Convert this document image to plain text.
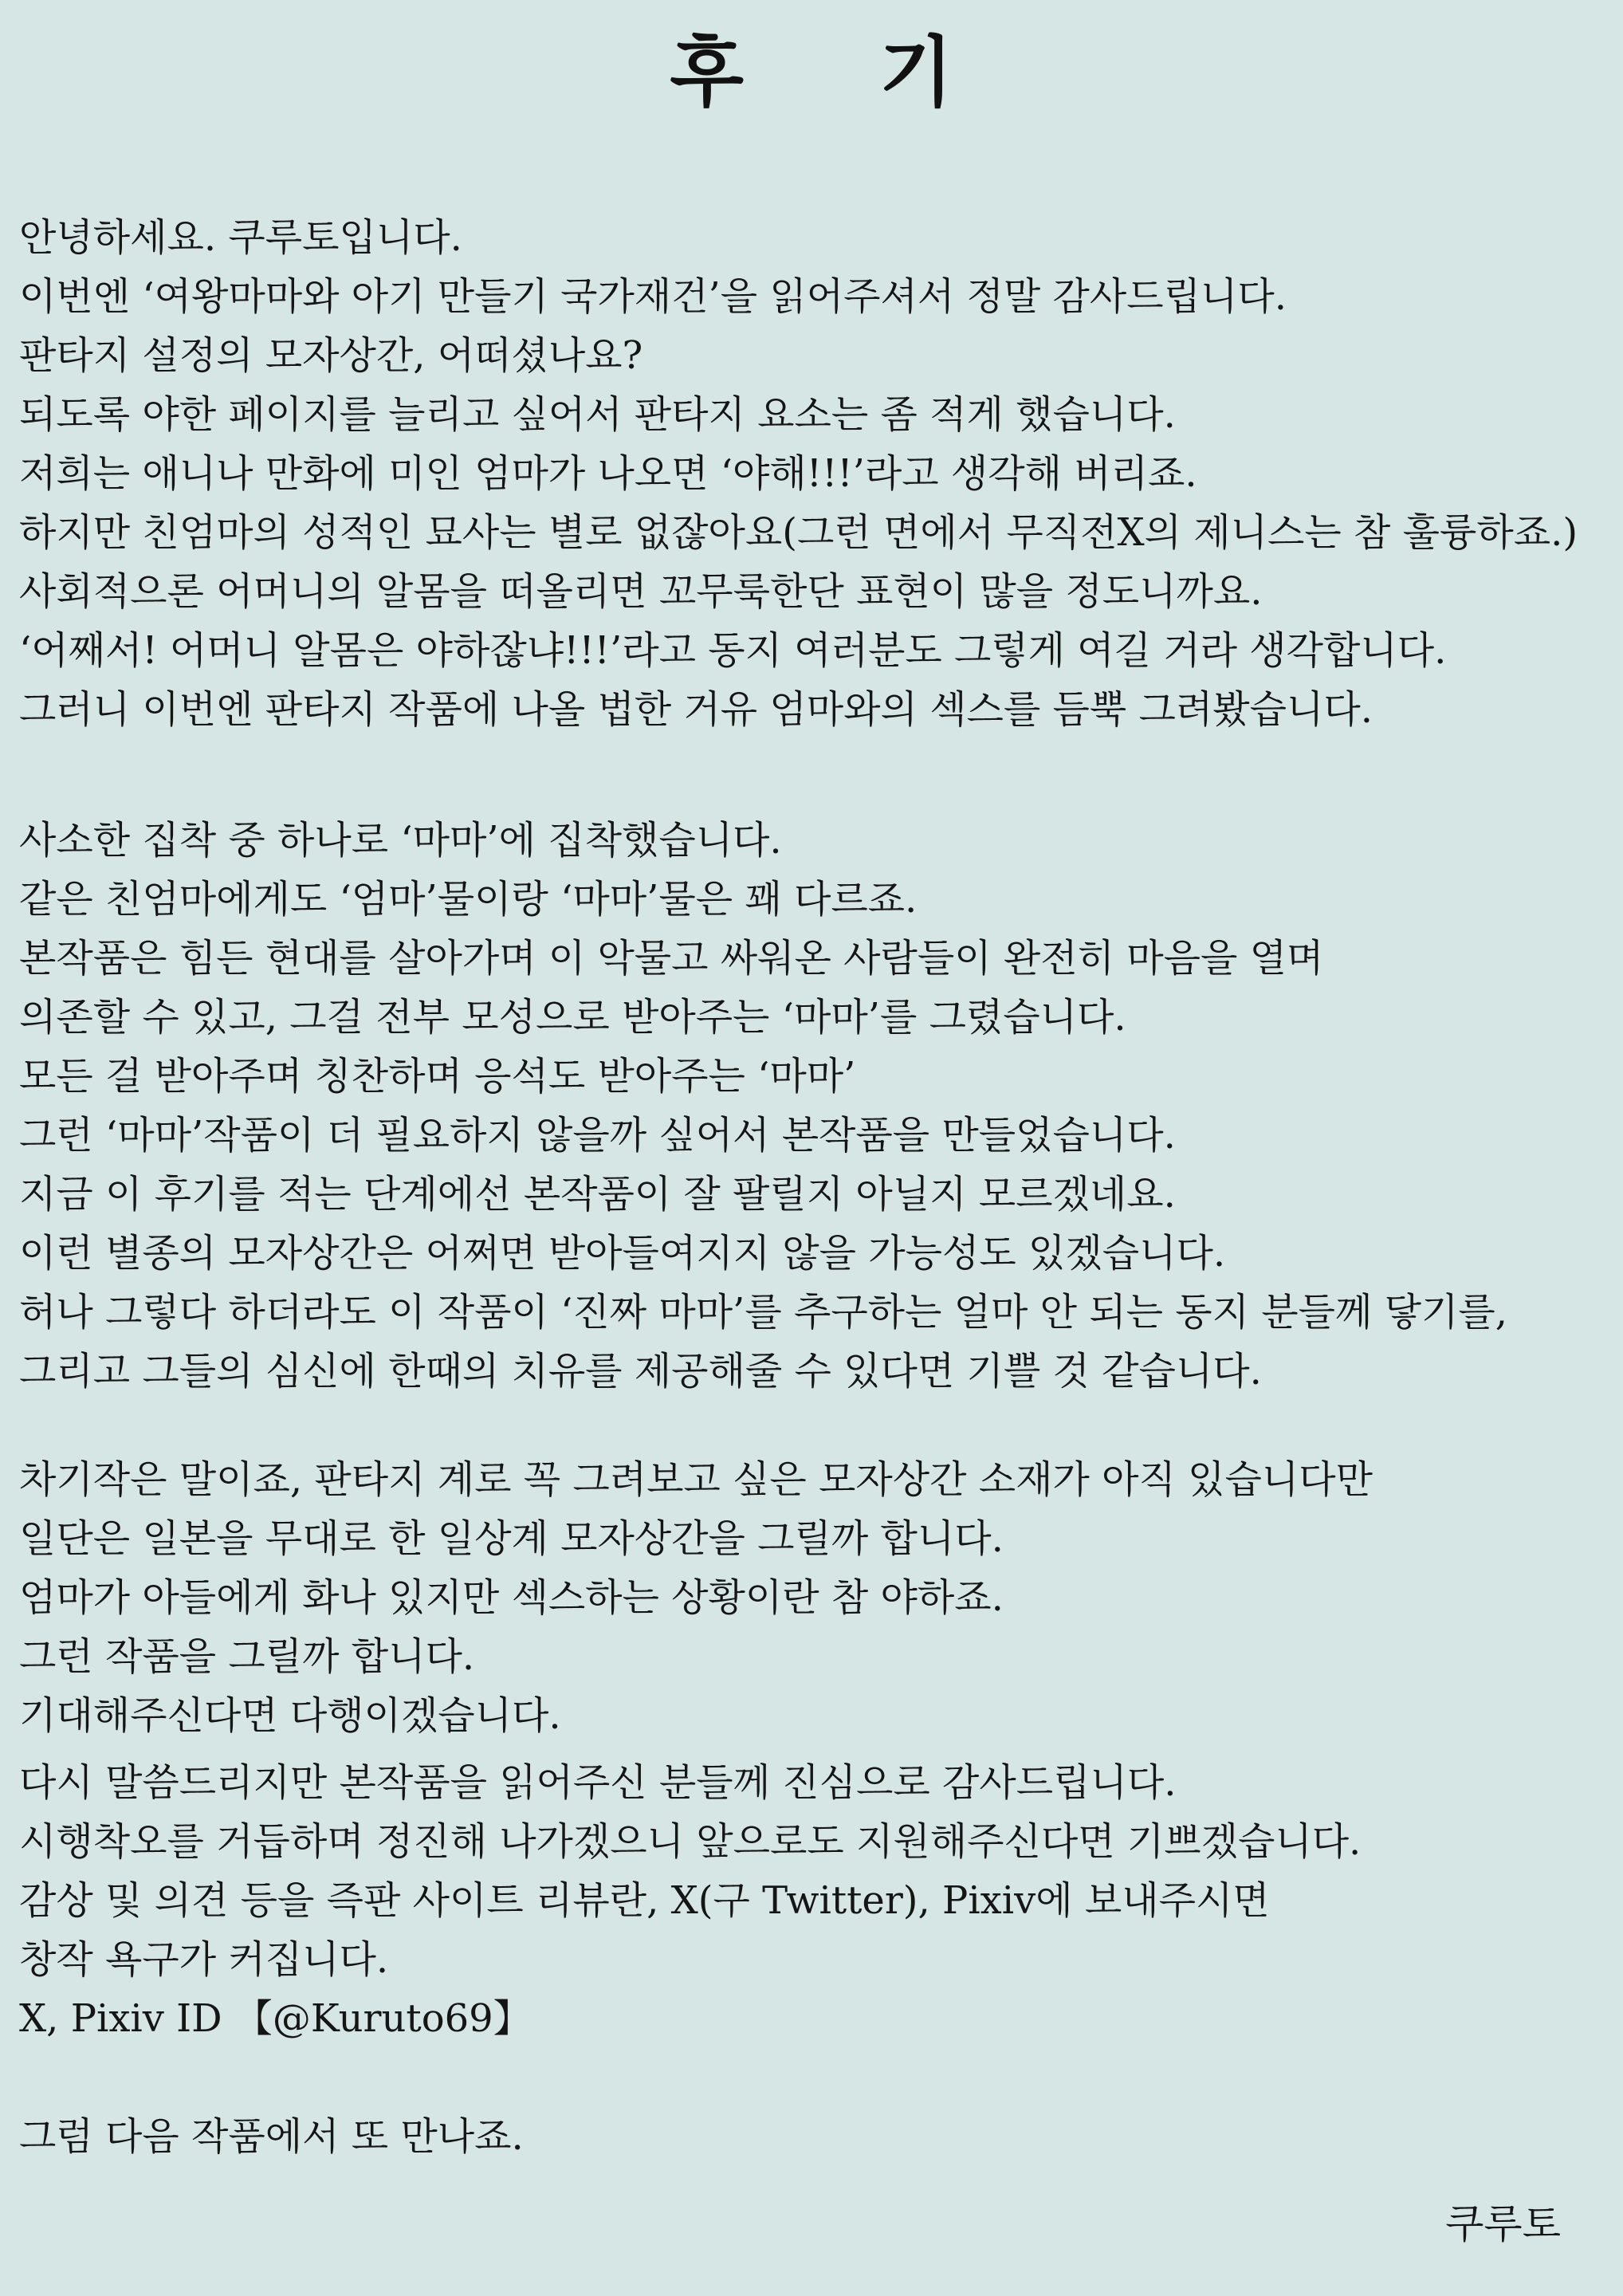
후 기
안녕하세요. 쿠루토입니다.
이번엔 ‘여왕마마와 아기 만들기 국가재건’을 읽어주셔서 정말 감사드립니다.
판타지 설정의 모자상간, 어떠셨나요?
되도록 야한 페이지를 늘리고 싶어서 판타지 요소는 좀 적게 했습니다.
저희는 애니나 만화에 미인 엄마가 나오면 ‘야해!!!’라고 생각해 버리죠.
하지만 친엄마의 성적인 묘사는 별로 없잖아요(그런 면에서 무직전X의 제니스는 참 훌륭하죠.)
사회적으론 어머니의 알몸을 떠올리면 꼬무룩한단 표현이 많을 정도니까요.
‘어째서! 어머니 알몸은 야하잖냐!!!’라고 동지 여러분도 그렇게 여길 거라 생각합니다.
그러니 이번엔 판타지 작품에 나올 법한 거유 엄마와의 섹스를 듬뿍 그려봤습니다.
사소한 집착 중 하나로 ‘마마’에 집착했습니다.
같은 친엄마에게도 ‘엄마’물이랑 ‘마마’물은 꽤 다르죠.
본작품은 힘든 현대를 살아가며 이 악물고 싸워온 사람들이 완전히 마음을 열며
의존할 수 있고, 그걸 전부 모성으로 받아주는 ‘마마’를 그렸습니다.
모든 걸 받아주며 칭찬하며 응석도 받아주는 ‘마마’
그런 ‘마마’작품이 더 필요하지 않을까 싶어서 본작품을 만들었습니다.
지금 이 후기를 적는 단계에선 본작품이 잘 팔릴지 아닐지 모르겠네요.
이런 별종의 모자상간은 어쩌면 받아들여지지 않을 가능성도 있겠습니다.
허나 그렇다 하더라도 이 작품이 ‘진짜 마마’를 추구하는 얼마 안 되는 동지 분들께 닿기를,
그리고 그들의 심신에 한때의 치유를 제공해줄 수 있다면 기쁠 것 같습니다.
차기작은 말이죠, 판타지 계로 꼭 그려보고 싶은 모자상간 소재가 아직 있습니다만
일단은 일본을 무대로 한 일상계 모자상간을 그릴까 합니다.
엄마가 아들에게 화나 있지만 섹스하는 상황이란 참 야하죠.
그런 작품을 그릴까 합니다.
기대해주신다면 다행이겠습니다.
다시 말씀드리지만 본작품을 읽어주신 분들께 진심으로 감사드립니다.
시행착오를 거듭하며 정진해 나가겠으니 앞으로도 지원해주신다면 기쁘겠습니다.
감상 및 의견 등을 즉판 사이트 리뷰란, X(구 Twitter), Pixiv에 보내주시면
창작 욕구가 커집니다.
X, Pixiv ID 【@Kuruto69】
그럼 다음 작품에서 또 만나죠.
쿠루토
